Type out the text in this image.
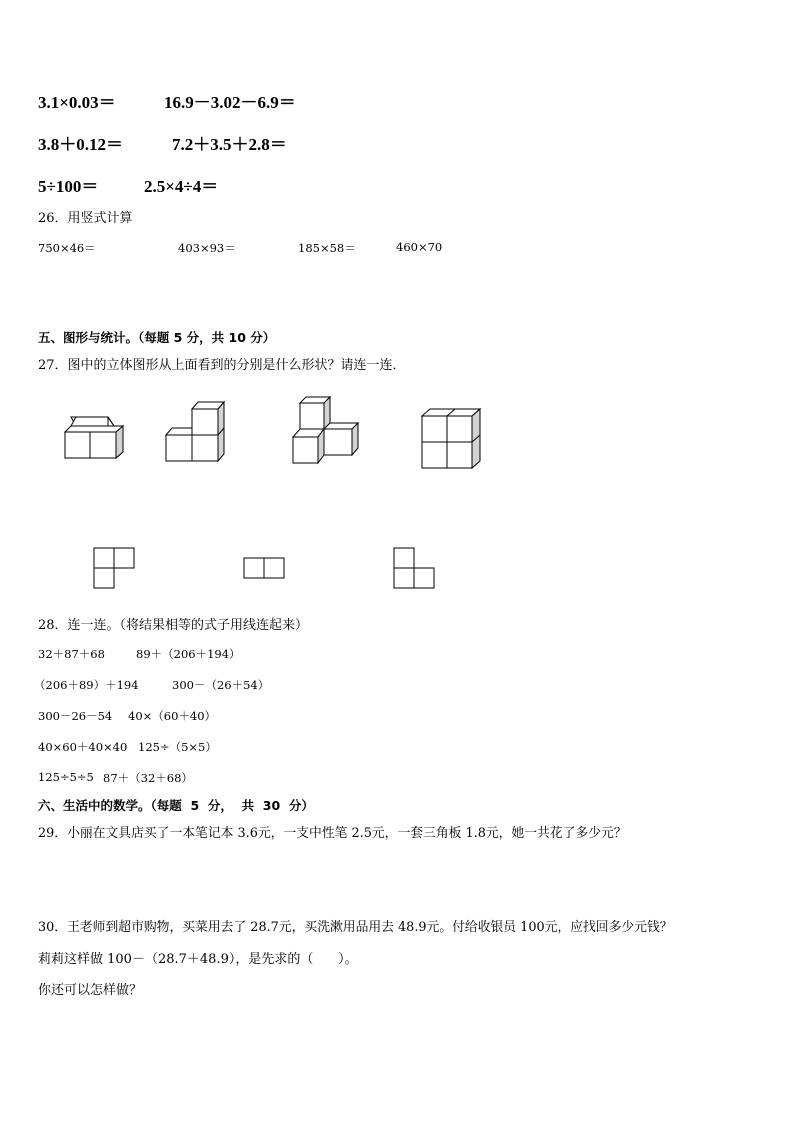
3.1×0.03＝	16.9－3.02－6.9＝
3.8＋0.12＝	7.2＋3.5＋2.8＝
5÷100＝	2.5×4÷4＝
26．用竖式计算
750×46＝	403×93＝	185×58＝	460×70
五、图形与统计。（每题 5 分，共 10 分）
27．图中的立体图形从上面看到的分别是什么形状？请连一连．
28．连一连。（将结果相等的式子用线连起来）
32＋87＋68	89＋（206＋194）
（206＋89）＋194	300－（26＋54）
300－26－54 40×（60＋40）
40×60＋40×40 125÷（5×5）
125÷5÷5 87＋（32＋68）
六、生活中的数学。（每题  5  分，  共  30  分）
29．小丽在文具店买了一本笔记本 3.6元，一支中性笔 2.5元，一套三角板 1.8元，她一共花了多少元？
30．王老师到超市购物，买菜用去了 28.7元，买洗漱用品用去 48.9元。付给收银员 100元，应找回多少元钱？
莉莉这样做 100－（28.7＋48.9），是先求的（      ）。
你还可以怎样做？
